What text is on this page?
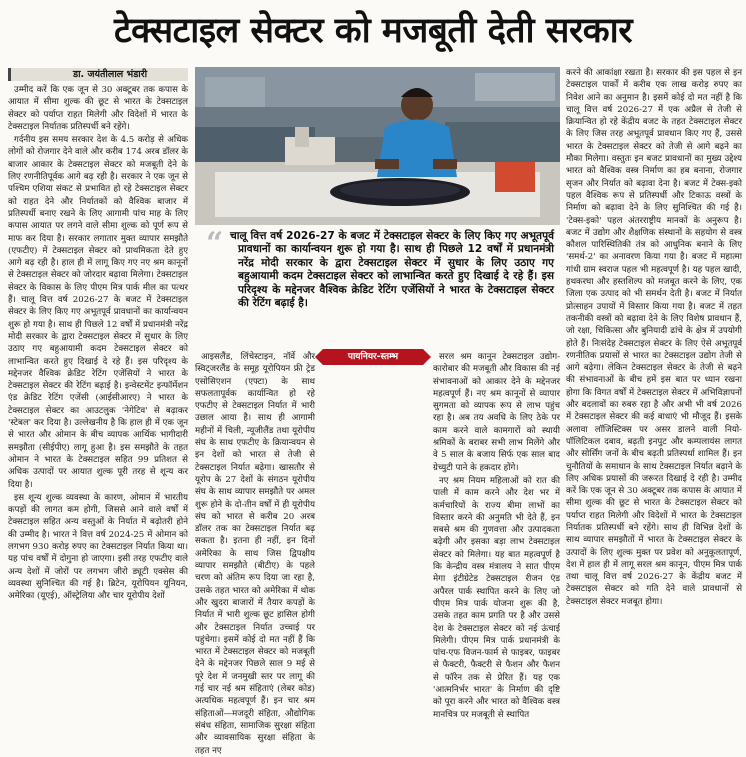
टेक्सटाइल सेक्टर को मजबूती देती सरकार
डा. जयंतीलाल भंडारी

उम्मीद करें कि एक जून से 30 अक्टूबर तक कपास के आयात में सीमा शुल्क की छूट से भारत के टेक्सटाइल सेक्टर को पर्याप्त राहत मिलेगी और विदेशों में भारत के टेक्सटाइल निर्यातक प्रतिस्पर्धी बने रहेंगे।

गर्दनीय इस समय सरकार देश के 4.5 करोड़ से अधिक लोगों को रोजगार देने वाले और करीब 174 अरब डॉलर के बाजार आकार के टेक्सटाइल सेक्टर को मजबूती देने के लिए रणनीतिपूर्वक आगे बढ़ रही है। सरकार ने एक जून से पश्चिम एशिया संकट से प्रभावित हो रहे टेक्सटाइल सेक्टर को राहत देने और निर्यातकों को वैश्विक बाजार में प्रतिस्पर्धी बनाए रखने के लिए आगामी पांच माह के लिए कपास आयात पर लगने वाले सीमा शुल्क को पूर्ण रूप से माफ कर दिया है। सरकार लगातार मुक्त व्यापार समझौते (एफटीए) में टेक्सटाइल सेक्टर को प्राथमिकता देते हुए आगे बढ़ रही है। हाल ही में लागू किए गए नए श्रम कानूनों से टेक्सटाइल सेक्टर को जोरदार बढ़ावा मिलेगा। टेक्सटाइल सेक्टर के विकास के लिए पीएम मित्र पार्क मील का पत्थर हैं। चालू वित्त वर्ष 2026-27 के बजट में टेक्सटाइल सेक्टर के लिए किए गए अभूतपूर्व प्रावधानों का कार्यान्वयन शुरू हो गया है। साथ ही पिछले 12 वर्षों में प्रधानमंत्री नरेंद्र मोदी सरकार के द्वारा टेक्सटाइल सेक्टर में सुधार के लिए उठाए गए बहुआयामी कदम टेक्सटाइल सेक्टर को लाभान्वित करते हुए दिखाई दे रहे हैं। इस परिदृश्य के मद्देनजर वैश्विक क्रेडिट रेटिंग एजेंसियों ने भारत के टेक्सटाइल सेक्टर की रेटिंग बढ़ाई है। इन्वेस्टमेंट इन्फॉर्मेशन एंड क्रेडिट रेटिंग एजेंसी (आईसीआरए) ने भारत के टेक्सटाइल सेक्टर का आउटलुक 'नेगेटिव' से बढ़ाकर 'स्टेबल' कर दिया है। उल्लेखनीय है कि हाल ही में एक जून से भारत और ओमान के बीच व्यापक आर्थिक भागीदारी समझौता (सीईपीए) लागू हुआ है। इस समझौते के तहत ओमान ने भारत के टेक्सटाइल सहित 99 प्रतिशत से अधिक उत्पादों पर आयात शुल्क पूरी तरह से शून्य कर दिया है।

इस शून्य शुल्क व्यवस्था के कारण, ओमान में भारतीय कपड़ों की लागत कम होगी, जिससे आने वाले वर्षों में टेक्सटाइल सहित अन्य वस्तुओं के निर्यात में बढ़ोतरी होने की उम्मीद है। भारत ने वित्त वर्ष 2024-25 में ओमान को लगभग 930 करोड़ रुपए का टेक्सटाइल निर्यात किया था। यह पांच वर्षों में दोगुना हो जाएगा। इसी तरह एफटीए वाले अन्य देशों में जोरों पर लगभग जीरो ड्यूटी एक्सेस की व्यवस्था सुनिश्चित की गई है। ब्रिटेन, यूरोपियन यूनियन, अमेरिका (यूएई), ऑस्ट्रेलिया और चार यूरोपीय देशों

“ चालू वित्त वर्ष 2026-27 के बजट में टेक्सटाइल सेक्टर के लिए किए गए अभूतपूर्व प्रावधानों का कार्यान्वयन शुरू हो गया है। साथ ही पिछले 12 वर्षों में प्रधानमंत्री नरेंद्र मोदी सरकार के द्वारा टेक्सटाइल सेक्टर में सुधार के लिए उठाए गए बहुआयामी कदम टेक्सटाइल सेक्टर को लाभान्वित करते हुए दिखाई दे रहे हैं। इस परिदृश्य के मद्देनजर वैश्विक क्रेडिट रेटिंग एजेंसियों ने भारत के टेक्सटाइल सेक्टर की रेटिंग बढ़ाई है।

आइसलैंड, लिंचेस्टाइन, नॉर्वे और स्विट्जरलैंड के समूह यूरोपियन फ्री ट्रेड एसोसिएशन (एफ्टा) के साथ सफलतापूर्वक कार्यान्वित हो रहे एफटीए से टेक्सटाइल निर्यात में भारी उछाल आया है। साथ ही आगामी महीनों में चिली, न्यूजीलैंड तथा यूरोपीय संघ के साथ एफटीए के क्रियान्वयन से इन देशों को भारत से तेजी से टेक्सटाइल निर्यात बढ़ेगा। खासतौर से यूरोप के 27 देशों के संगठन यूरोपीय संघ के साथ व्यापार समझौते पर अमल शुरू होने के दो-तीन वर्षों में ही यूरोपीय संघ को भारत से करीब 20 अरब डॉलर तक का टेक्सटाइल निर्यात बढ़ सकता है। इतना ही नहीं, इन दिनों अमेरिका के साथ जिस द्विपक्षीय व्यापार समझौते (बीटीए) के पहले चरण को अंतिम रूप दिया जा रहा है, उसके तहत भारत को अमेरिका में थोक और खुदरा बाजारों में तैयार कपड़ों के निर्यात में भारी शुल्क छूट हासिल होगी और टेक्सटाइल निर्यात उच्चाई पर पहुंचेगा। इसमें कोई दो मत नहीं हैं कि भारत में टेक्सटाइल सेक्टर को मजबूती देने के मद्देनजर पिछले साल 9 मई से पूरे देश में जनमुखी स्तर पर लागू की गई चार नई श्रम संहिताएं (लेबर कोड) अत्यधिक महत्वपूर्ण हैं। इन चार श्रम संहिताओं—मजदूरी संहिता, औद्योगिक संबंध संहिता, सामाजिक सुरक्षा संहिता और व्यावसायिक सुरक्षा संहिता के तहत नए

पायनियर-स्तम्भ	सरल श्रम कानून टेक्सटाइल उद्योग-कारोबार की मजबूती और विकास की नई संभावनाओं को आकार देने के मद्देनजर महत्वपूर्ण हैं। नए श्रम कानूनों से व्यापार सुगमता को व्यापक रूप से लाभ पहुंच रहा है। अब तय अवधि के लिए ठेके पर काम करने वाले कामगारों को स्थायी श्रमिकों के बराबर सभी लाभ मिलेंगे और वे 5 साल के बजाय सिर्फ एक साल बाद ग्रेच्युटी पाने के हकदार होंगे।

नए श्रम नियम महिलाओं को रात की पाली में काम करने और देश भर में कर्मचारियों के राज्य बीमा लाभों का विस्तार करने की अनुमति भी देते हैं, इन सबसे श्रम की गुणवत्ता और उत्पादकता बढ़ेगी और इसका बड़ा लाभ टेक्सटाइल सेक्टर को मिलेगा। यह बात महत्वपूर्ण है कि केन्द्रीय वस्त्र मंत्रालय ने सात पीएम मेगा इंटीग्रेटेड टेक्सटाइल रीजन एंड अपैरल पार्क स्थापित करने के लिए जो पीएम मित्र पार्क योजना शुरू की है, उसके तहत काम प्रगति पर है और उससे देश के टेक्सटाइल सेक्टर को नई ऊंचाई मिलेगी। पीएम मित्र पार्क प्रधानमंत्री के पांच-एफ विजन-फार्म से फाइबर, फाइबर से फैक्टरी, फैक्टरी से फैशन और फैशन से फॉरेन तक से प्रेरित हैं। यह एक 'आत्मनिर्भर भारत' के निर्माण की दृष्टि को पूरा करने और भारत को वैश्विक वस्त्र मानचित्र पर मजबूती से स्थापित

करने की आकांक्षा रखता है। सरकार की इस पहल से इन टेक्सटाइल पार्कों में करीब एक लाख करोड़ रुपए का निवेश आने का अनुमान है। इसमें कोई दो मत नहीं है कि चालू वित्त वर्ष 2026-27 में एक अप्रैल से तेजी से क्रियान्वित हो रहे केंद्रीय बजट के तहत टेक्सटाइल सेक्टर के लिए जिस तरह अभूतपूर्व प्रावधान किए गए हैं, उससे भारत के टेक्सटाइल सेक्टर को तेजी से आगे बढ़ने का मौका मिलेगा। वस्तुतः इन बजट प्रावधानों का मुख्य उद्देश्य भारत को वैश्विक वस्त्र निर्माण का हब बनाना, रोजगार सृजन और निर्यात को बढ़ावा देना है। बजट में टेक्स-इको पहल वैश्विक रूप से प्रतिस्पर्धी और टिकाऊ वस्त्रों के निर्माण को बढ़ावा देने के लिए सुनिश्चित की गई है। 'टेक्स-इको' पहल अंतरराष्ट्रीय मानकों के अनुरूप है। बजट में उद्योग और शैक्षणिक संस्थानों के सहयोग से वस्त्र कौशल पारिस्थितिकी तंत्र को आधुनिक बनाने के लिए 'समर्थ-2' का अनावरण किया गया है। बजट में महात्मा गांधी ग्राम स्वराज पहल भी महत्वपूर्ण है। यह पहल खादी, हथकरघा और हस्तशिल्प को मजबूत करने के लिए, एक जिला एक उत्पाद को भी समर्थन देती है। बजट में निर्यात प्रोत्साहन उपायों में विस्तार किया गया है। बजट में तहत तकनीकी वस्त्रों को बढ़ावा देने के लिए विशेष प्रावधान हैं, जो रक्षा, चिकित्सा और बुनियादी ढांचे के क्षेत्र में उपयोगी होते हैं। निःसंदेह टेक्सटाइल सेक्टर के लिए ऐसे अभूतपूर्व रणनीतिक प्रयासों से भारत का टेक्सटाइल उद्योग तेजी से आगे बढ़ेगा। लेकिन टेक्सटाइल सेक्टर के तेजी से बढ़ने की संभावनाओं के बीच हमें इस बात पर ध्यान रखना होगा कि विगत वर्षों में टेक्सटाइल सेक्टर में अभिविज्ञापनों और बदलावों का रुबरु रहा है और अभी भी वर्ष 2026 में टेक्सटाइल सेक्टर की कई बाधाएं भी मौजूद हैं। इसके अलावा लॉजिस्टिक्स पर असर डालने वाली नियो-पॉलिटिकल दबाव, बढ़ती इनपुट और कम्पलायंस लागत और सोर्सिंग जनों के बीच बढ़ती प्रतिस्पर्धा शामिल हैं। इन चुनौतियों के समाधान के साथ टेक्सटाइल निर्यात बढ़ाने के लिए अधिक प्रयासों की जरूरत दिखाई दे रही है। उम्मीद करें कि एक जून से 30 अक्टूबर तक कपास के आयात में सीमा शुल्क की छूट से भारत के टेक्सटाइल सेक्टर को पर्याप्त राहत मिलेगी और विदेशों में भारत के टेक्सटाइल निर्यातक प्रतिस्पर्धी बने रहेंगे। साथ ही विभिन्न देशों के साथ व्यापार समझौतों में भारत के टेक्सटाइल सेक्टर के उत्पादों के लिए शुल्क मुक्त पर प्रवेश को अनुकूलतापूर्ण, देश में हाल ही में लागू सरल श्रम कानून, पीएम मित्र पार्क तथा चालू वित्त वर्ष 2026-27 के केंद्रीय बजट में टेक्सटाइल सेक्टर को गति देने वाले प्रावधानों से टेक्सटाइल सेक्टर मजबूत होगा।
